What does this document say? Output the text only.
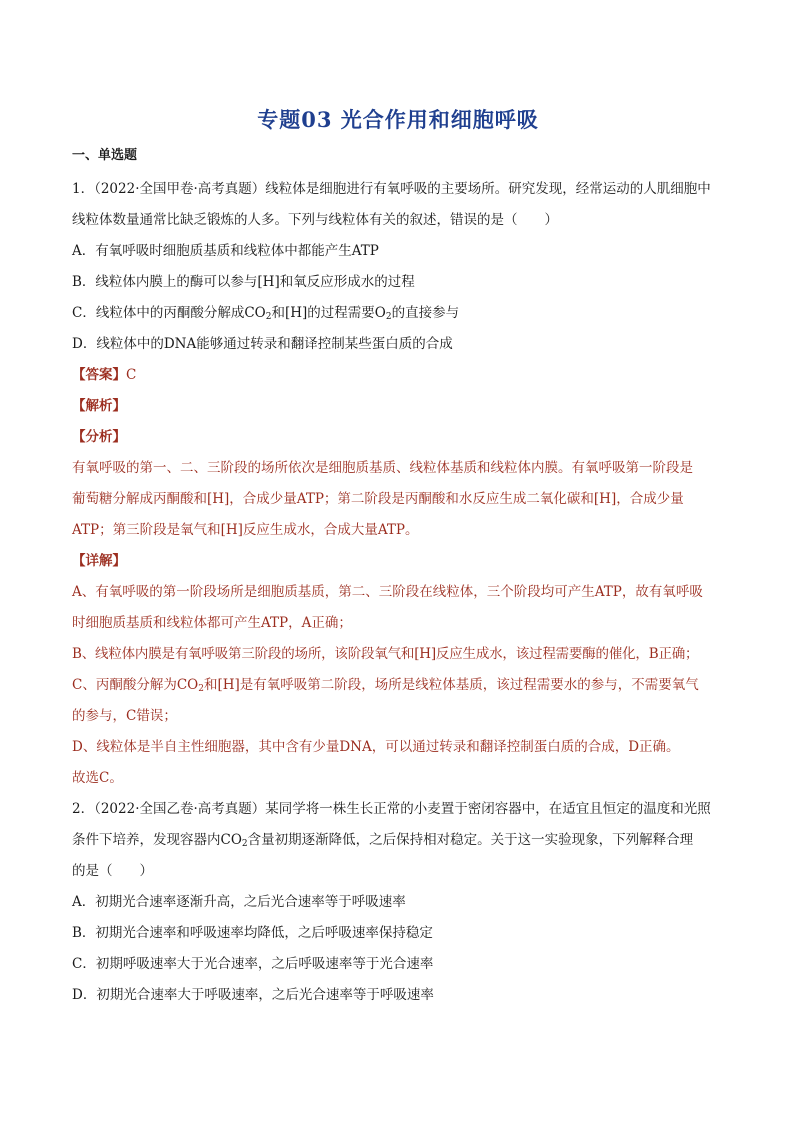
专题03 光合作用和细胞呼吸
一、单选题

1．（2022·全国甲卷·高考真题）线粒体是细胞进行有氧呼吸的主要场所。研究发现，经常运动的人肌细胞中

线粒体数量通常比缺乏锻炼的人多。下列与线粒体有关的叙述，错误的是（　　）

A．有氧呼吸时细胞质基质和线粒体中都能产生ATP

B．线粒体内膜上的酶可以参与[H]和氧反应形成水的过程

C．线粒体中的丙酮酸分解成$CO_2$和[H]的过程需要$O_2$的直接参与

D．线粒体中的DNA能够通过转录和翻译控制某些蛋白质的合成

【答案】C

【解析】

【分析】

有氧呼吸的第一、二、三阶段的场所依次是细胞质基质、线粒体基质和线粒体内膜。有氧呼吸第一阶段是

葡萄糖分解成丙酮酸和[H]，合成少量ATP；第二阶段是丙酮酸和水反应生成二氧化碳和[H]，合成少量

ATP；第三阶段是氧气和[H]反应生成水，合成大量ATP。

【详解】

A、有氧呼吸的第一阶段场所是细胞质基质，第二、三阶段在线粒体，三个阶段均可产生ATP，故有氧呼吸

时细胞质基质和线粒体都可产生ATP，A正确；

B、线粒体内膜是有氧呼吸第三阶段的场所，该阶段氧气和[H]反应生成水，该过程需要酶的催化，B正确；

C、丙酮酸分解为$CO_2$和[H]是有氧呼吸第二阶段，场所是线粒体基质，该过程需要水的参与，不需要氧气

的参与，C错误；

D、线粒体是半自主性细胞器，其中含有少量DNA，可以通过转录和翻译控制蛋白质的合成，D正确。

故选C。

2．（2022·全国乙卷·高考真题）某同学将一株生长正常的小麦置于密闭容器中，在适宜且恒定的温度和光照

条件下培养，发现容器内$CO_2$含量初期逐渐降低，之后保持相对稳定。关于这一实验现象，下列解释合理

的是（　　）

A．初期光合速率逐渐升高，之后光合速率等于呼吸速率

B．初期光合速率和呼吸速率均降低，之后呼吸速率保持稳定

C．初期呼吸速率大于光合速率，之后呼吸速率等于光合速率

D．初期光合速率大于呼吸速率，之后光合速率等于呼吸速率
